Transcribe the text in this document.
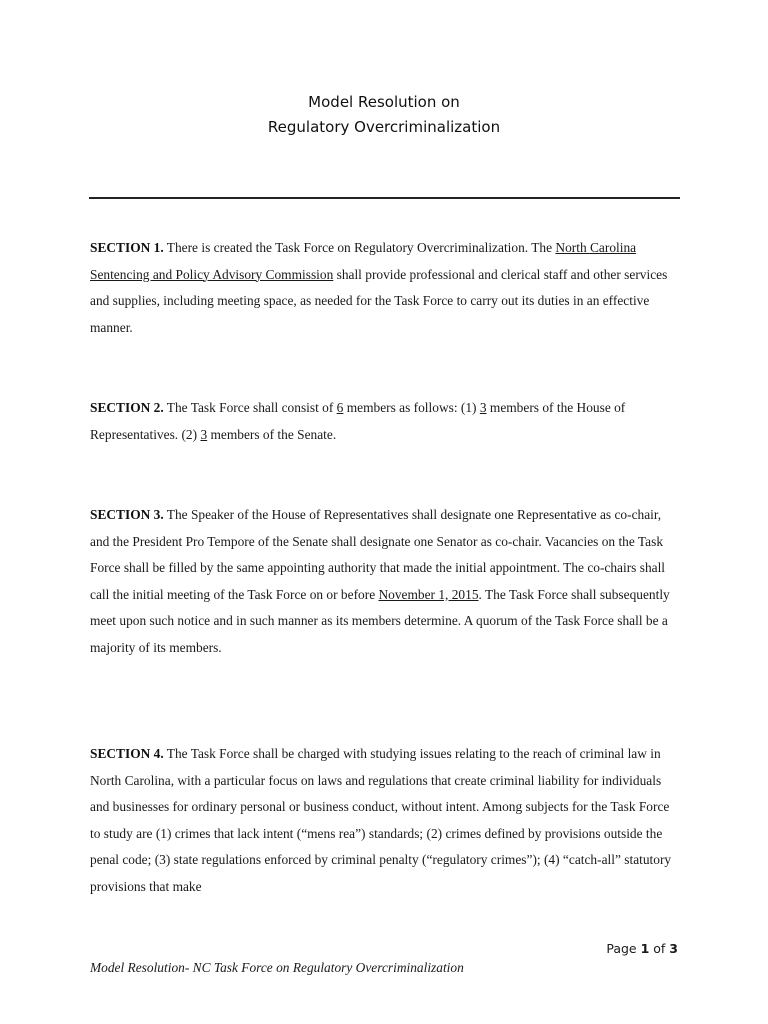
Model Resolution on
Regulatory Overcriminalization
SECTION 1. There is created the Task Force on Regulatory Overcriminalization. The North Carolina Sentencing and Policy Advisory Commission shall provide professional and clerical staff and other services and supplies, including meeting space, as needed for the Task Force to carry out its duties in an effective manner.
SECTION 2. The Task Force shall consist of 6 members as follows: (1) 3 members of the House of Representatives. (2) 3 members of the Senate.
SECTION 3. The Speaker of the House of Representatives shall designate one Representative as co-chair, and the President Pro Tempore of the Senate shall designate one Senator as co-chair. Vacancies on the Task Force shall be filled by the same appointing authority that made the initial appointment. The co-chairs shall call the initial meeting of the Task Force on or before November 1, 2015. The Task Force shall subsequently meet upon such notice and in such manner as its members determine. A quorum of the Task Force shall be a majority of its members.
SECTION 4. The Task Force shall be charged with studying issues relating to the reach of criminal law in North Carolina, with a particular focus on laws and regulations that create criminal liability for individuals and businesses for ordinary personal or business conduct, without intent. Among subjects for the Task Force to study are (1) crimes that lack intent (“mens rea”) standards; (2) crimes defined by provisions outside the penal code; (3) state regulations enforced by criminal penalty (“regulatory crimes”); (4) “catch-all” statutory provisions that make
Page 1 of 3
Model Resolution- NC Task Force on Regulatory Overcriminalization
